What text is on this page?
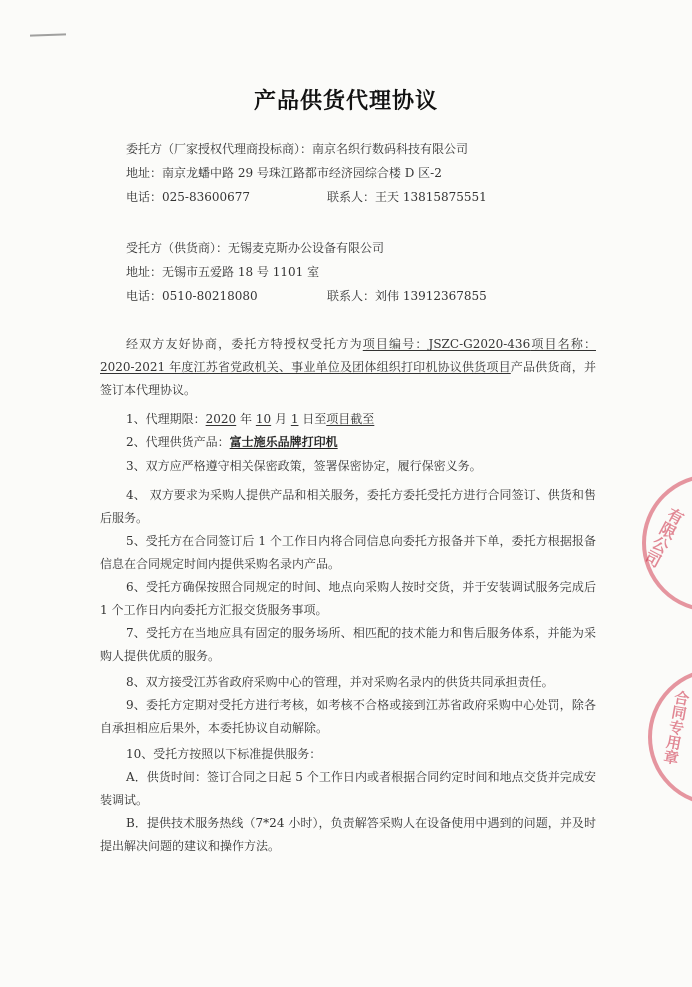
产品供货代理协议
委托方（厂家授权代理商投标商）：南京名织行数码科技有限公司
地址：南京龙蟠中路 29 号珠江路都市经济园综合楼 D 区-2
电话：025-83600677	联系人：王天 13815875551
受托方（供货商）：无锡麦克斯办公设备有限公司
地址：无锡市五爱路 18 号 1101 室
电话：0510-80218080	联系人：刘伟 13912367855
经双方友好协商，委托方特授权受托方为项目编号：JSZC-G2020-436项目名称：2020-2021 年度江苏省党政机关、事业单位及团体组织打印机协议供货项目产品供货商，并签订本代理协议。
1、代理期限：2020 年 10 月 1 日至项目截至
2、代理供货产品：富士施乐品牌打印机
3、双方应严格遵守相关保密政策，签署保密协定，履行保密义务。
4、 双方要求为采购人提供产品和相关服务，委托方委托受托方进行合同签订、供货和售后服务。
5、受托方在合同签订后 1 个工作日内将合同信息向委托方报备并下单，委托方根据报备信息在合同规定时间内提供采购名录内产品。
6、受托方确保按照合同规定的时间、地点向采购人按时交货，并于安装调试服务完成后 1 个工作日内向委托方汇报交货服务事项。
7、受托方在当地应具有固定的服务场所、相匹配的技术能力和售后服务体系，并能为采购人提供优质的服务。
8、双方接受江苏省政府采购中心的管理，并对采购名录内的供货共同承担责任。
9、委托方定期对受托方进行考核，如考核不合格或接到江苏省政府采购中心处罚，除各自承担相应后果外，本委托协议自动解除。
10、受托方按照以下标准提供服务：
A．供货时间：签订合同之日起 5 个工作日内或者根据合同约定时间和地点交货并完成安装调试。
B．提供技术服务热线（7*24 小时），负责解答采购人在设备使用中遇到的问题，并及时提出解决问题的建议和操作方法。
有限公司
合同专用章
